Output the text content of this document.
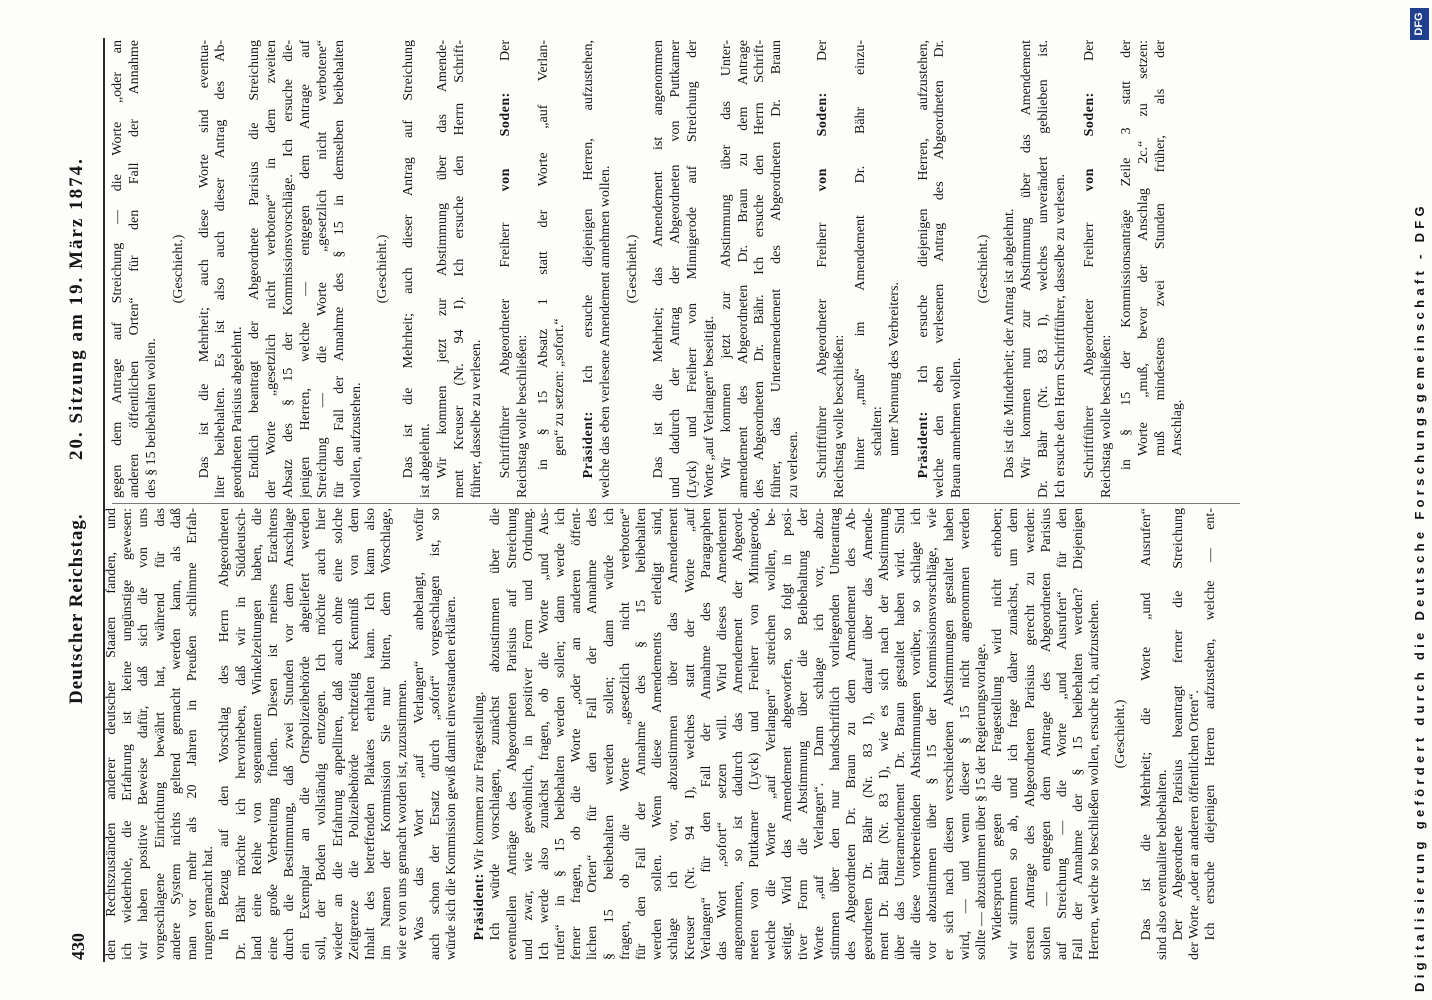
430
Deutscher Reichstag.
20. Sitzung am 19. März 1874.
den Rechtszuständen anderer deutscher Staaten fanden, und ich wiederhole, die Erfahrung ist keine ungünstige gewesen: wir haben positive Beweise dafür, daß sich die von uns vorgeschlagene Einrichtung bewährt hat, während für das andere System nichts geltend gemacht werden kann, als daß man vor mehr als 20 Jahren in Preußen schlimme Erfah- rungen gemacht hat. In Bezug auf den Vorschlag des Herrn Abgeordneten Dr. Bähr möchte ich hervorheben, daß wir in Süddeutsch- land eine Reihe von sogenannten Winkelzeitungen haben, die eine große Verbreitung finden. Diesen ist meines Erachtens durch die Bestimmung, daß zwei Stunden vor dem Anschlage ein Exemplar an die Ortspolizeibehörde abgeliefert werden soll, der Boden vollständig entzogen. Ich möchte auch hier wieder an die Erfahrung appelliren, daß auch ohne eine solche Zeitgrenze die Polizeibehörde rechtzeitig Kenntniß von dem Inhalt des betreffenden Plakates erhalten kann. Ich kann also im Namen der Kommission Sie nur bitten, dem Vorschlage, wie er von uns gemacht worden ist, zuzustimmen. Was das Wort „auf Verlangen“ anbelangt, wofür auch schon der Ersatz durch „sofort“ vorgeschlagen ist, so würde sich die Kommission gewiß damit einverstanden erklären. Präsident: Wir kommen zur Fragestellung. Ich würde vorschlagen, zunächst abzustimmen über die eventuellen Anträge des Abgeordneten Parisius auf Streichung und zwar, wie gewöhnlich, in positiver Form und Ordnung. Ich werde also zunächst fragen, ob die Worte „und Aus- rufen“ in § 15 beibehalten werden sollen; dann werde ich ferner fragen, ob die Worte „oder an anderen öffent- lichen Orten“ für den Fall der Annahme des § 15 beibehalten werden sollen; dann würde ich fragen, ob die Worte „gesetzlich nicht verbotene“ für den Fall der Annahme des § 15 beibehalten werden sollen. Wenn diese Amendements erledigt sind, schlage ich vor, abzustimmen über das Amendement Kreuser (Nr. 94 I), welches statt der Worte „auf Verlangen“ für den Fall der Annahme des Paragraphen das Wort „sofort“ setzen will. Wird dieses Amendement angenommen, so ist dadurch das Amendement der Abgeord- neten von Puttkamer (Lyck) und Freiherr von Minnigerode, welche die Worte „auf Verlangen“ streichen wollen, be- seitigt. Wird das Amendement abgeworfen, so folgt in posi- tiver Form die Abstimmung über die Beibehaltung der Worte „auf Verlangen“. Dann schlage ich vor, abzu- stimmen über den nur handschriftlich vorliegenden Unterantrag des Abgeordneten Dr. Braun zu dem Amendement des Ab- geordneten Dr. Bähr (Nr. 83 I), darauf über das Amende- ment Dr. Bähr (Nr. 83 I), wie es sich nach der Abstimmung über das Unteramendement Dr. Braun gestaltet haben wird. Sind alle diese vorbereitenden Abstimmungen vorüber, so schlage ich vor abzustimmen über § 15 der Kommissionsvorschläge, wie er sich nach diesen verschiedenen Abstimmungen gestaltet haben wird, — und wenn dieser § 15 nicht angenommen werden sollte — abzustimmen über § 15 der Regierungsvorlage. Widerspruch gegen die Fragestellung wird nicht erhoben; wir stimmen so ab, und ich frage daher zunächst, um dem ersten Antrage des Abgeordneten Parisius gerecht zu werden: sollen — entgegen dem Antrage des Abgeordneten Parisius auf Streichung — die Worte „und Ausrufen“ für den Fall der Annahme der § 15 beibehalten werden? Diejenigen Herren, welche so beschließen wollen, ersuche ich, aufzustehen. (Geschieht.) Das ist die Mehrheit; die Worte „und Ausrufen“ sind also eventualiter beibehalten. Der Abgeordnete Parisius beantragt ferner die Streichung der Worte „oder an anderen öffentlichen Orten“. Ich ersuche diejenigen Herren aufzustehen, welche — ent-
gegen dem Antrage auf Streichung — die Worte „oder an anderen öffentlichen Orten“ für den Fall der Annahme des § 15 beibehalten wollen.
(Geschieht.) Das ist die Mehrheit; auch diese Worte sind eventua- liter beibehalten. Es ist also auch dieser Antrag des Ab- geordneten Parisius abgelehnt. Endlich beantragt der Abgeordnete Parisius die Streichung der Worte „gesetzlich nicht verbotene“ in dem zweiten Absatz des § 15 der Kommissionsvorschläge. Ich ersuche die- jenigen Herren, welche — entgegen dem Antrage auf Streichung — die Worte „gesetzlich nicht verbotene“ für den Fall der Annahme des § 15 in demselben beibehalten wollen, aufzustehen.
(Geschieht.) Das ist die Mehrheit; auch dieser Antrag auf Streichung ist abgelehnt. Wir kommen jetzt zur Abstimmung über das Amende- ment Kreuser (Nr. 94 I). Ich ersuche den Herrn Schrift- führer, dasselbe zu verlesen. Schriftführer Abgeordneter Freiherr von Soden: Der
Reichstag wolle beschließen: in § 15 Absatz 1 statt der Worte „auf Verlan- gen“ zu setzen: „sofort.“ Präsident: Ich ersuche diejenigen Herren, aufzustehen, welche das eben verlesene Amendement annehmen wollen. (Geschieht.) Das ist die Mehrheit; das Amendement ist angenommen und dadurch der Antrag der Abgeordneten von Puttkamer (Lyck) und Freiherr von Minnigerode auf Streichung der Worte „auf Verlangen“ beseitigt. Wir kommen jetzt zur Abstimmung über das Unter- amendement des Abgeordneten Dr. Braun zu dem Antrage des Abgeordneten Dr. Bähr. Ich ersuche den Herrn Schrift- führer, das Unteramendement des Abgeordneten Dr. Braun zu verlesen. Schriftführer Abgeordneter Freiherr von Soden: Der
Reichstag wolle beschließen: hinter „muß“ im Amendement Dr. Bähr einzu- schalten: unter Nennung des Verbreiters. Präsident: Ich ersuche diejenigen Herren, aufzustehen, welche den eben verlesenen Antrag des Abgeordneten Dr. Braun annehmen wollen.
(Geschieht.) Das ist die Minderheit; der Antrag ist abgelehnt. Wir kommen nun zur Abstimmung über das Amendement Dr. Bähr (Nr. 83 I), welches unverändert geblieben ist. Ich ersuche den Herrn Schriftführer, dasselbe zu verlesen. Schriftführer Abgeordneter Freiherr von Soden: Der
Reichstag wolle beschließen: in § 15 der Kommissionsanträge Zeile 3 statt der Worte „muß, bevor der Anschlag 2c.“ zu setzen: muß mindestens zwei Stunden früher, als der Anschlag.	Digitalisierung gefördert durch die Deutsche Forschungsgemeinschaft - DFG
DFG
